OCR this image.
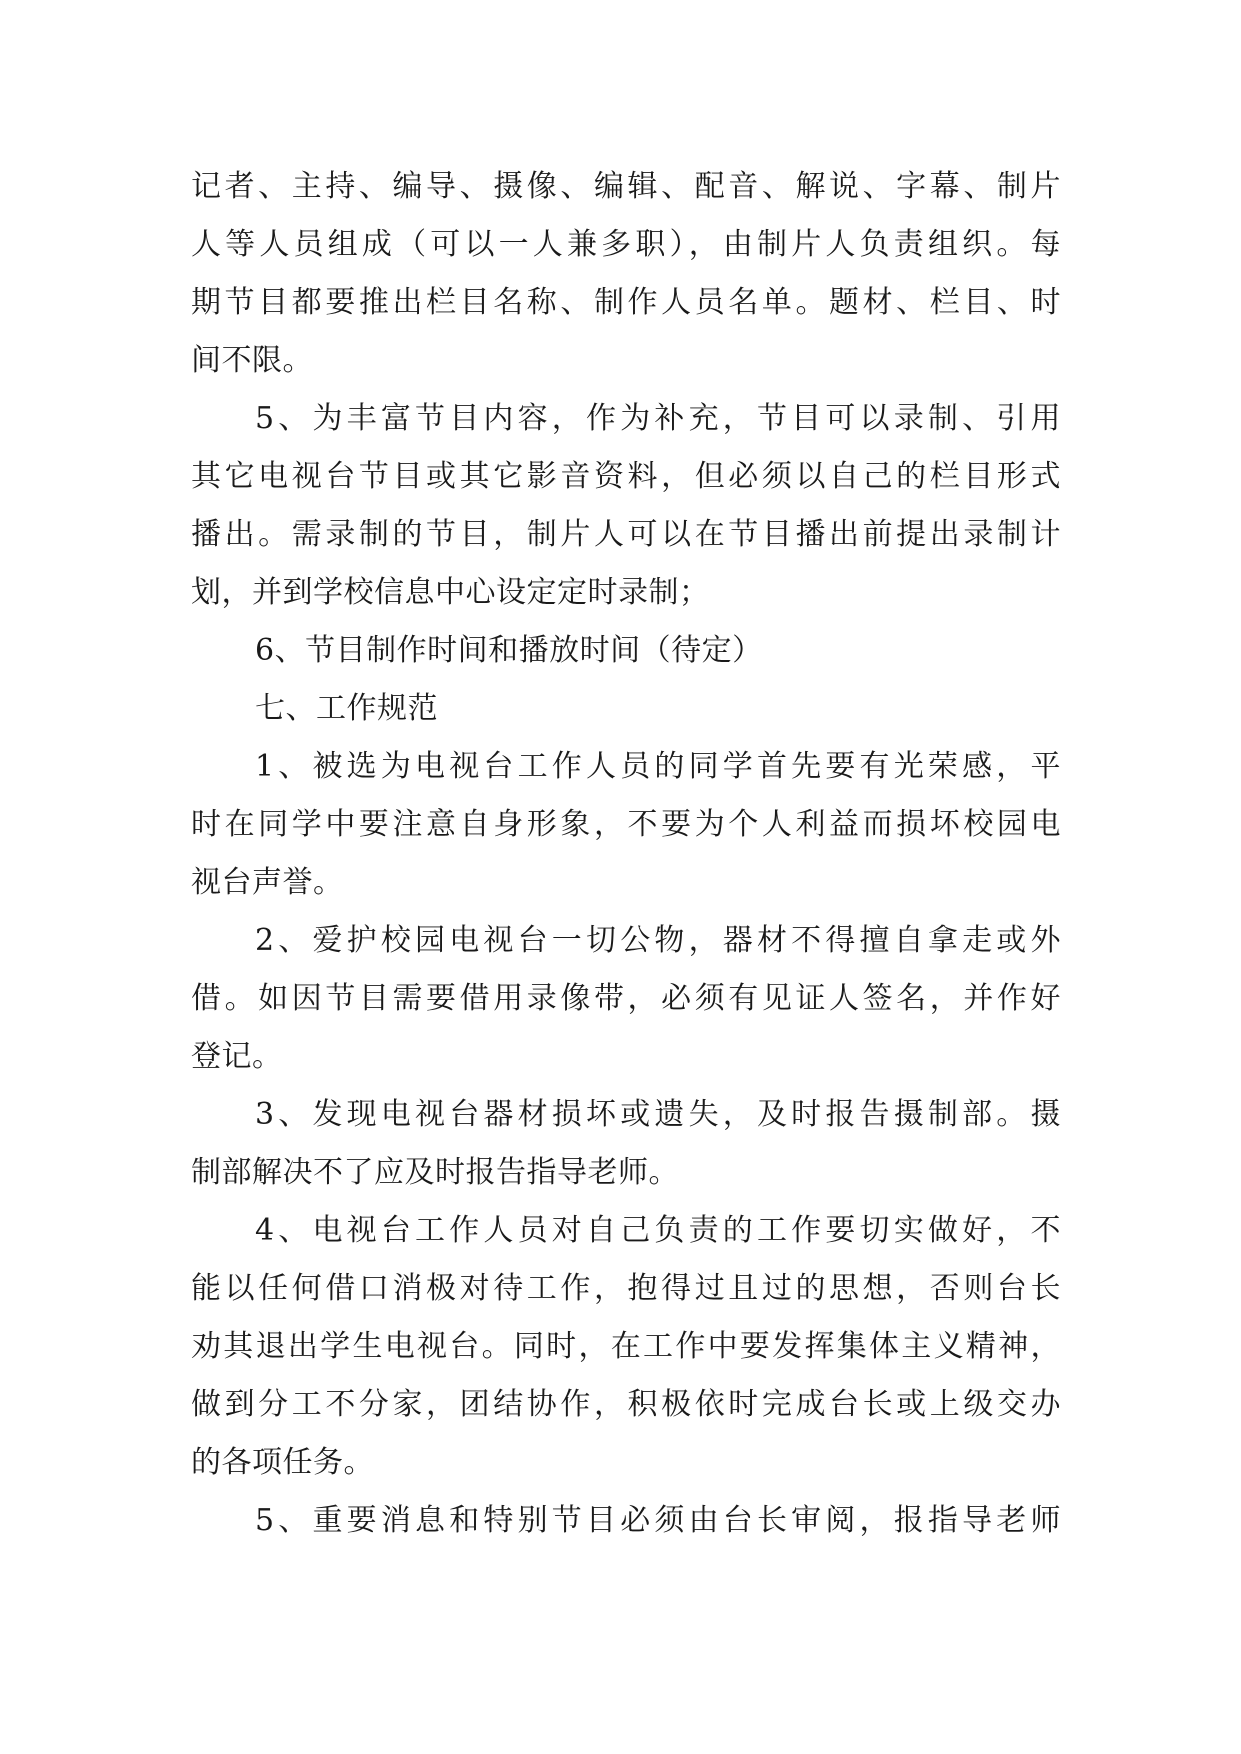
记者、主持、编导、摄像、编辑、配音、解说、字幕、制片
人等人员组成（可以一人兼多职），由制片人负责组织。每
期节目都要推出栏目名称、制作人员名单。题材、栏目、时
间不限。
5、为丰富节目内容，作为补充，节目可以录制、引用
其它电视台节目或其它影音资料，但必须以自己的栏目形式
播出。需录制的节目，制片人可以在节目播出前提出录制计
划，并到学校信息中心设定定时录制；
6、节目制作时间和播放时间（待定）
七、工作规范
1、被选为电视台工作人员的同学首先要有光荣感，平
时在同学中要注意自身形象，不要为个人利益而损坏校园电
视台声誉。
2、爱护校园电视台一切公物，器材不得擅自拿走或外
借。如因节目需要借用录像带，必须有见证人签名，并作好
登记。
3、发现电视台器材损坏或遗失，及时报告摄制部。摄
制部解决不了应及时报告指导老师。
4、电视台工作人员对自己负责的工作要切实做好，不
能以任何借口消极对待工作，抱得过且过的思想，否则台长
劝其退出学生电视台。同时，在工作中要发挥集体主义精神，
做到分工不分家，团结协作，积极依时完成台长或上级交办
的各项任务。
5、重要消息和特别节目必须由台长审阅，报指导老师
